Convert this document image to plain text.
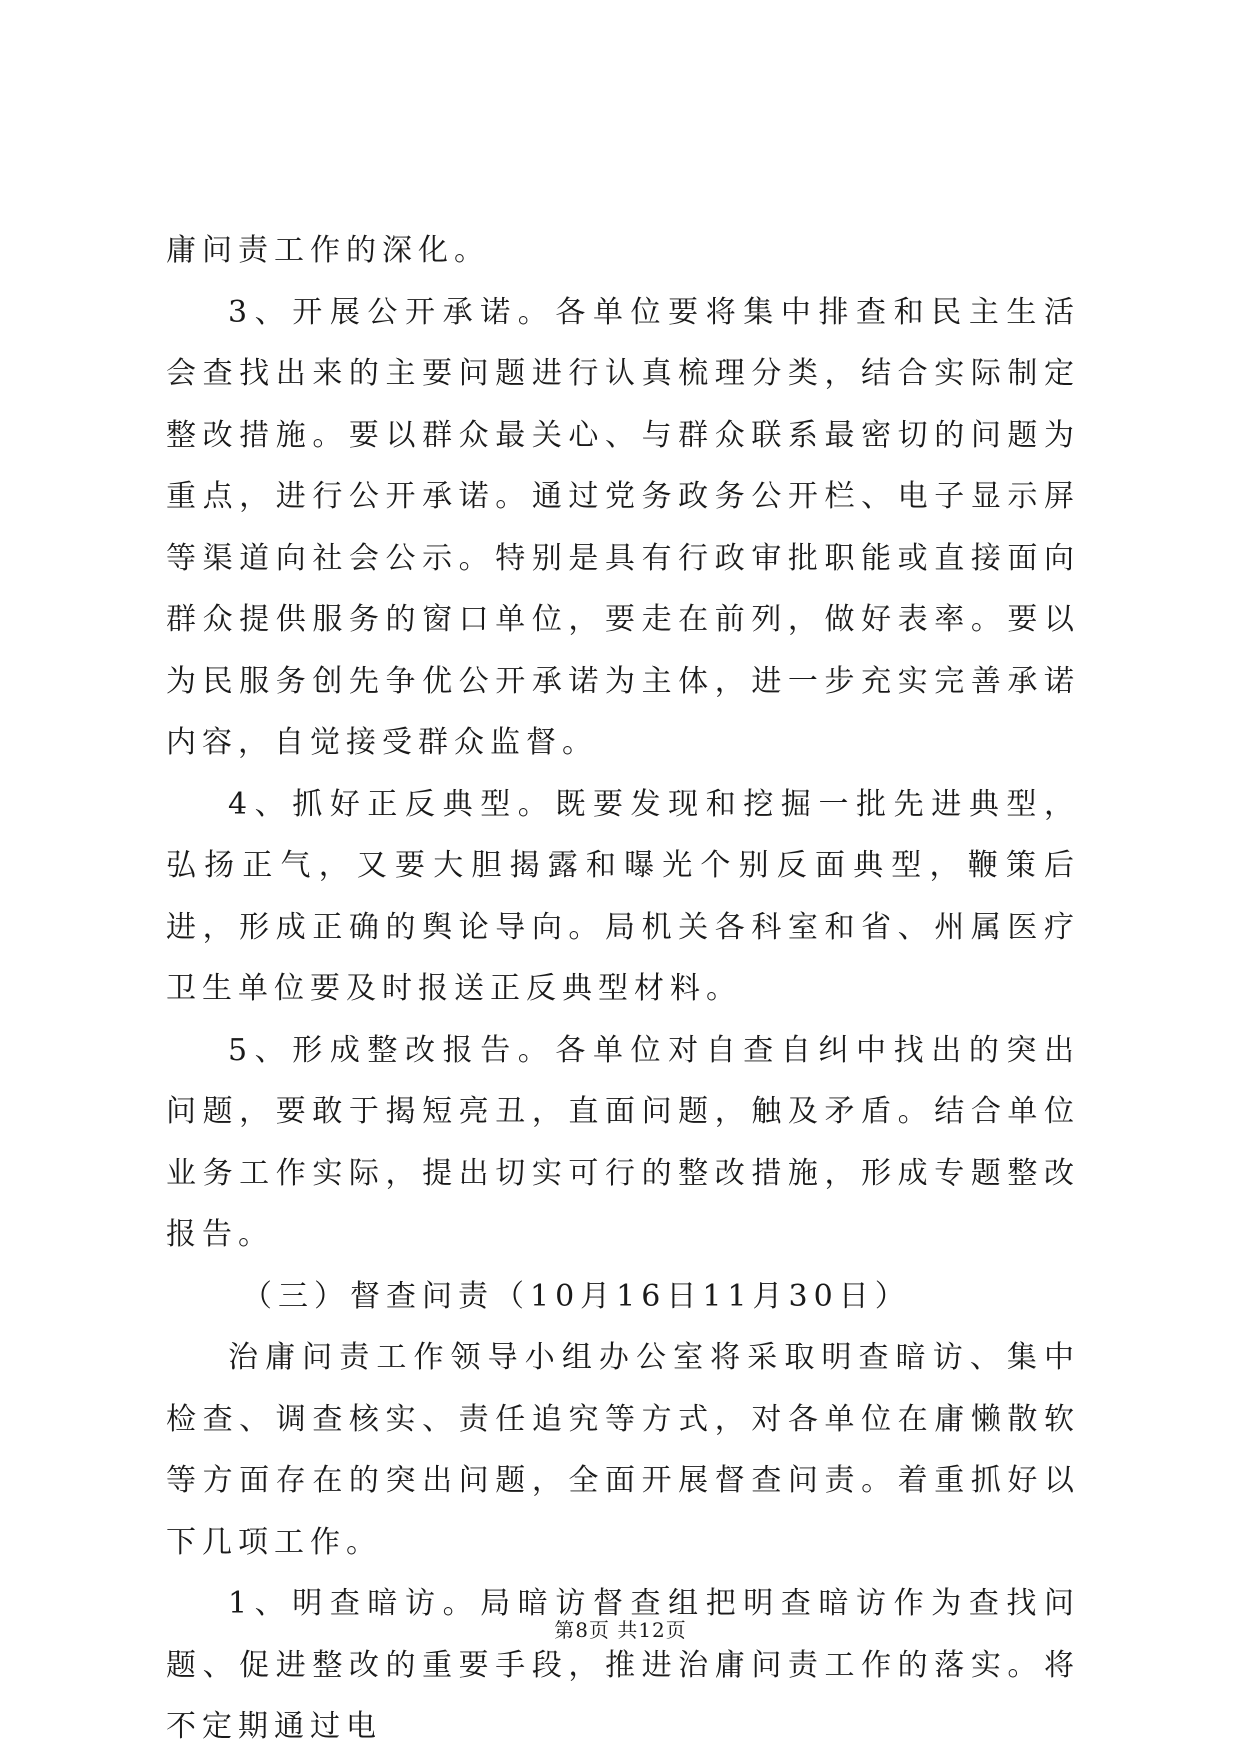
庸问责工作的深化。

3、开展公开承诺。各单位要将集中排查和民主生活会查找出来的主要问题进行认真梳理分类，结合实际制定整改措施。要以群众最关心、与群众联系最密切的问题为重点，进行公开承诺。通过党务政务公开栏、电子显示屏等渠道向社会公示。特别是具有行政审批职能或直接面向群众提供服务的窗口单位，要走在前列，做好表率。要以为民服务创先争优公开承诺为主体，进一步充实完善承诺内容，自觉接受群众监督。

4、抓好正反典型。既要发现和挖掘一批先进典型，弘扬正气，又要大胆揭露和曝光个别反面典型，鞭策后进，形成正确的舆论导向。局机关各科室和省、州属医疗卫生单位要及时报送正反典型材料。

5、形成整改报告。各单位对自查自纠中找出的突出问题，要敢于揭短亮丑，直面问题，触及矛盾。结合单位业务工作实际，提出切实可行的整改措施，形成专题整改报告。

（三）督查问责（10月16日11月30日）

治庸问责工作领导小组办公室将采取明查暗访、集中检查、调查核实、责任追究等方式，对各单位在庸懒散软等方面存在的突出问题，全面开展督查问责。着重抓好以下几项工作。

1、明查暗访。局暗访督查组把明查暗访作为查找问题、促进整改的重要手段，推进治庸问责工作的落实。将不定期通过电

第8页 共12页
